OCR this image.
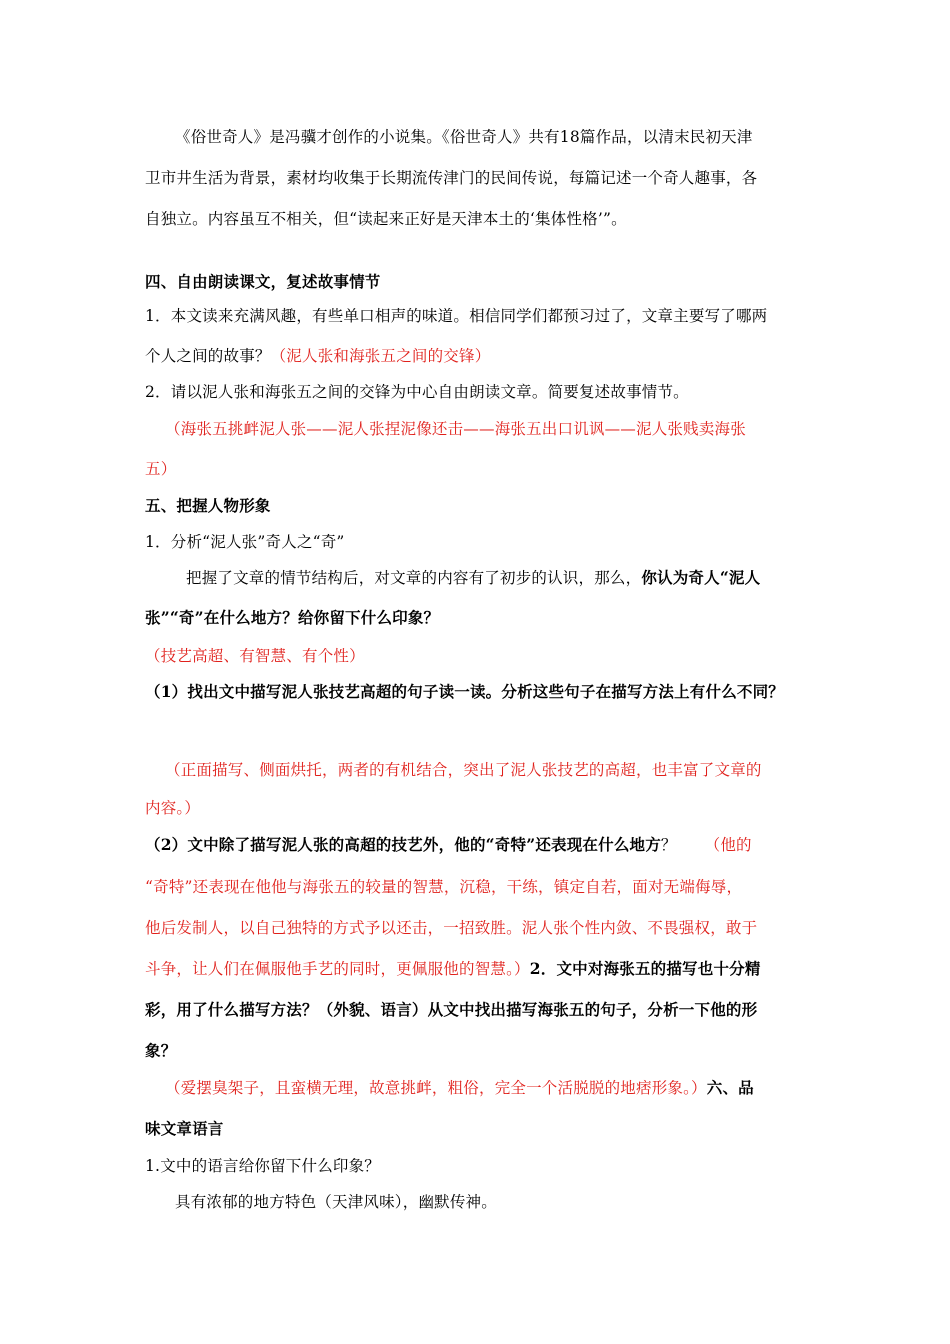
《俗世奇人》是冯骥才创作的小说集。《俗世奇人》共有18篇作品，以清末民初天津
卫市井生活为背景，素材均收集于长期流传津门的民间传说，每篇记述一个奇人趣事，各
自独立。内容虽互不相关，但“读起来正好是天津本土的‘集体性格’”。
四、自由朗读课文，复述故事情节
1．本文读来充满风趣，有些单口相声的味道。相信同学们都预习过了，文章主要写了哪两
个人之间的故事？（泥人张和海张五之间的交锋）
2．请以泥人张和海张五之间的交锋为中心自由朗读文章。简要复述故事情节。
（海张五挑衅泥人张——泥人张捏泥像还击——海张五出口讥讽——泥人张贱卖海张
五）
五、把握人物形象
1．分析“泥人张”奇人之“奇”
把握了文章的情节结构后，对文章的内容有了初步的认识，那么，你认为奇人“泥人
张”“奇”在什么地方？给你留下什么印象？
（技艺高超、有智慧、有个性）
（1）找出文中描写泥人张技艺高超的句子读一读。分析这些句子在描写方法上有什么不同？
（正面描写、侧面烘托，两者的有机结合，突出了泥人张技艺的高超，也丰富了文章的
内容。）
（2）文中除了描写泥人张的高超的技艺外，他的“奇特”还表现在什么地方？ （他的
“奇特”还表现在他他与海张五的较量的智慧，沉稳，干练，镇定自若，面对无端侮辱，
他后发制人，以自己独特的方式予以还击，一招致胜。泥人张个性内敛、不畏强权，敢于
斗争，让人们在佩服他手艺的同时，更佩服他的智慧。）2．文中对海张五的描写也十分精
彩，用了什么描写方法？（外貌、语言）从文中找出描写海张五的句子，分析一下他的形
象？
（爱摆臭架子，且蛮横无理，故意挑衅，粗俗，完全一个活脱脱的地痞形象。）六、品
味文章语言
1.文中的语言给你留下什么印象？
具有浓郁的地方特色（天津风味），幽默传神。
